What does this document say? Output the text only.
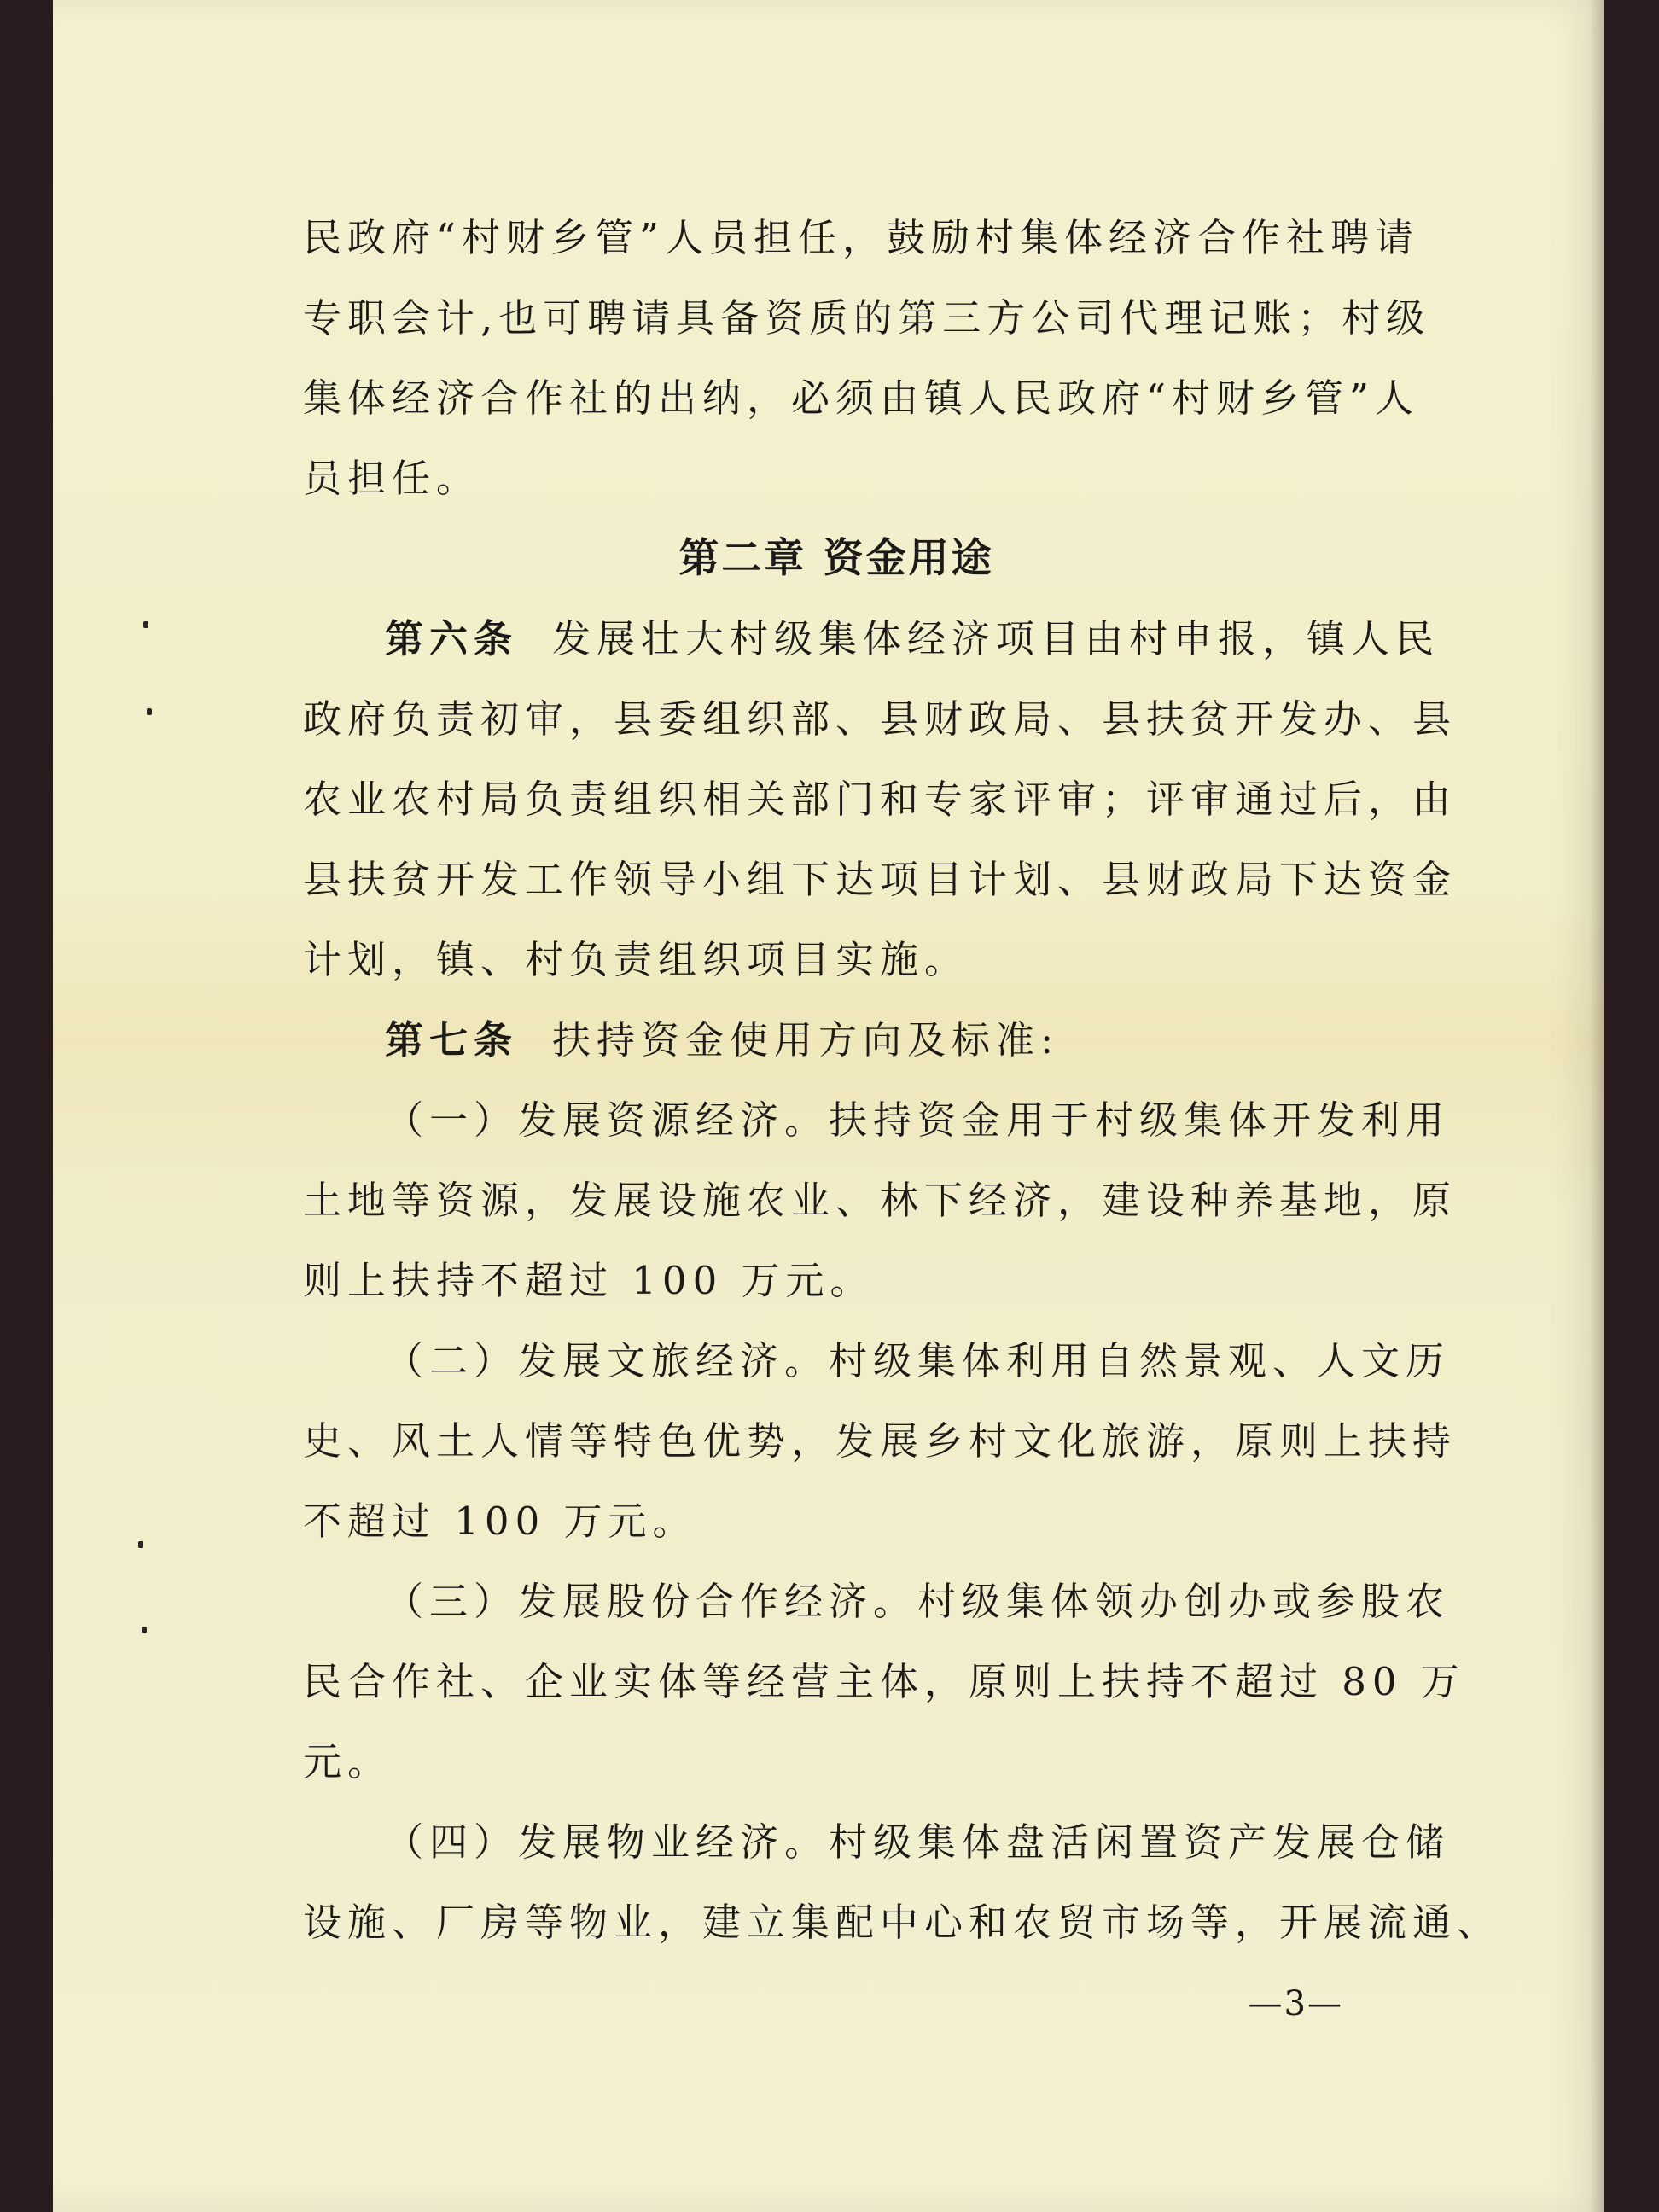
民政府“村财乡管”人员担任，鼓励村集体经济合作社聘请
专职会计,也可聘请具备资质的第三方公司代理记账；村级
集体经济合作社的出纳，必须由镇人民政府“村财乡管”人
员担任。
第二章 资金用途
第六条 发展壮大村级集体经济项目由村申报，镇人民
政府负责初审，县委组织部、县财政局、县扶贫开发办、县
农业农村局负责组织相关部门和专家评审；评审通过后，由
县扶贫开发工作领导小组下达项目计划、县财政局下达资金
计划，镇、村负责组织项目实施。
第七条 扶持资金使用方向及标准:
（一）发展资源经济。扶持资金用于村级集体开发利用
土地等资源，发展设施农业、林下经济，建设种养基地，原
则上扶持不超过 100 万元。
（二）发展文旅经济。村级集体利用自然景观、人文历
史、风土人情等特色优势，发展乡村文化旅游，原则上扶持
不超过 100 万元。
（三）发展股份合作经济。村级集体领办创办或参股农
民合作社、企业实体等经营主体，原则上扶持不超过 80 万
元。
（四）发展物业经济。村级集体盘活闲置资产发展仓储
设施、厂房等物业，建立集配中心和农贸市场等，开展流通、
—3—
